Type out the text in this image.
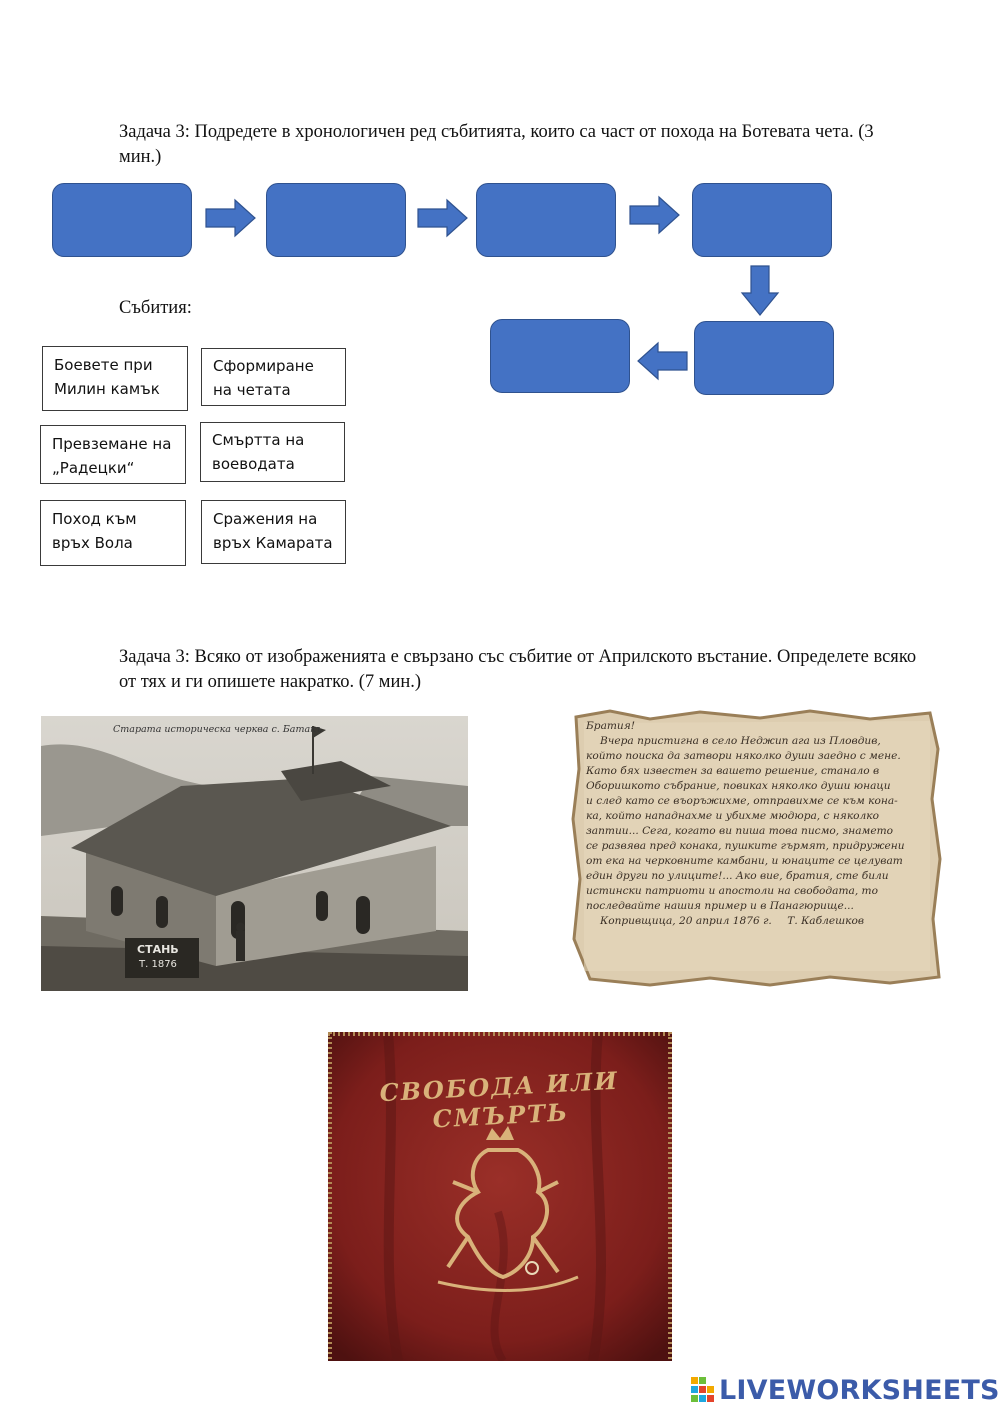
Задача 3: Подредете в хронологичен ред събитията, които са част от похода на Ботевата чета. (3 мин.)

Събития:
Боевете при
Милин камък
Сформиране
на четата
Превземане на
„Радецки“
Смъртта на
воеводата
Поход към
връх Вола
Сражения на
връх Камарата

Задача 3: Всяко от изображенията е свързано със събитие от Априлското въстание. Определете всяко от тях и ги опишете накратко. (7 мин.)

Старата историческа черква с. Батакъ
СТАНЬ
Т. 1876
Братия!
Вчера пристигна в село Неджип ага из Пловдив,
който поиска да затвори няколко души заедно с мене.
Като бях известен за вашето решение, станало в
Оборишкото събрание, повиках няколко души юнаци
и след като се въоръжихме, отправихме се към кона-
ка, който нападнахме и убихме мюдюра, с няколко
заптии... Сега, когато ви пиша това писмо, знамето
се развява пред конака, пушките гърмят, придружени
от ека на черковните камбани, и юнаците се целуват
един други по улиците!... Ако вие, братия, сте били
истински патриоти и апостоли на свободата, то
последвайте нашия пример и в Панагюрище...
Копривщица, 20 април 1876 г.	Т. Каблешков
СВОБОДА ИЛИ СМЪРТЬ
LIVEWORKSHEETS
